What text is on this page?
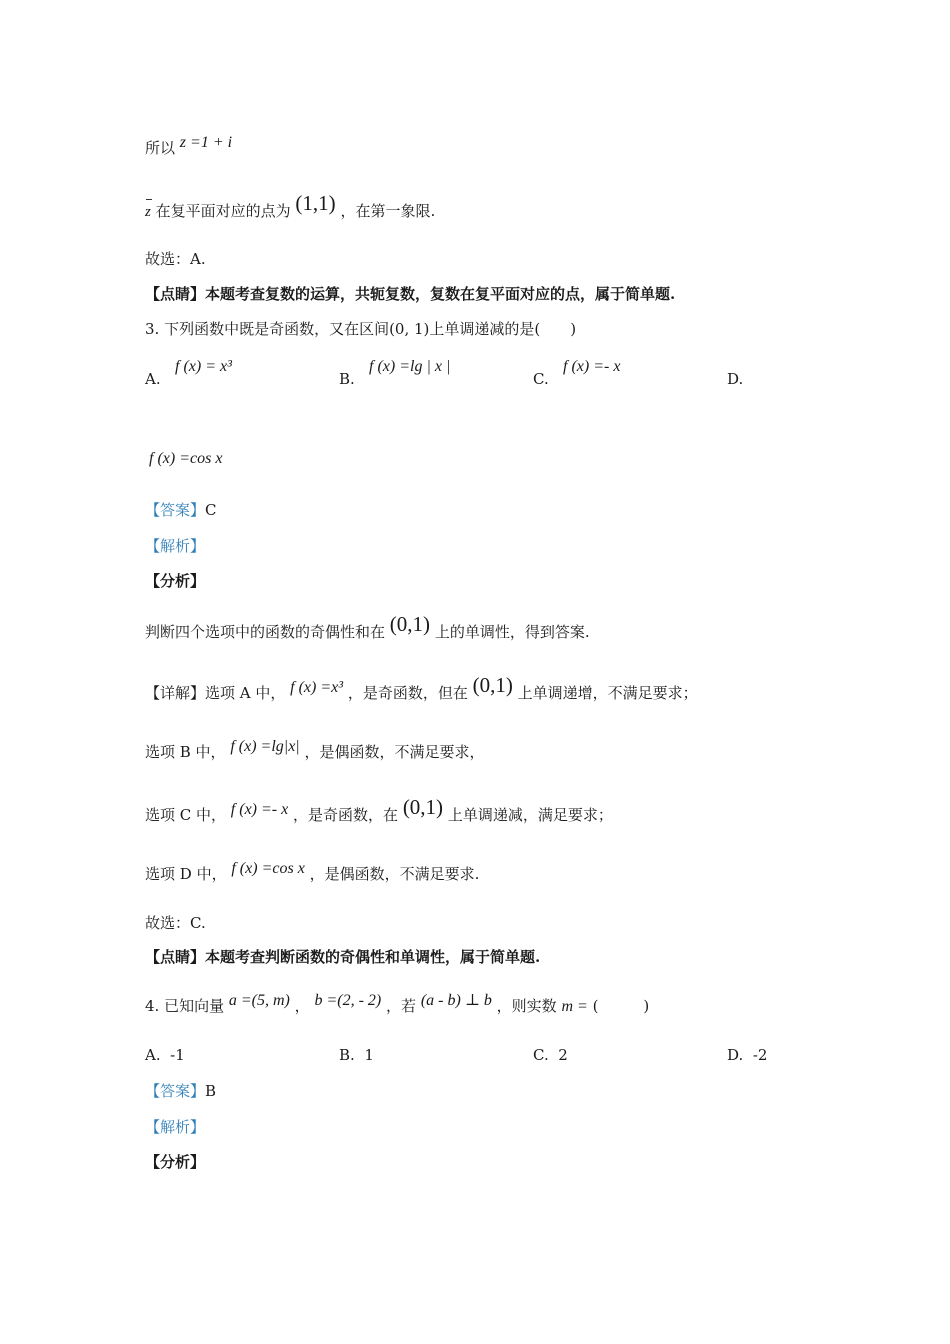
所以 z =1 + i
z 在复平面对应的点为 (1,1) ，在第一象限.
故选：A.
【点睛】本题考查复数的运算，共轭复数，复数在复平面对应的点，属于简单题.
3. 下列函数中既是奇函数，又在区间(0, 1)上单调递减的是(　　)
A.
f (x) = x³
B.
f (x) =lg | x |
C.
f (x) =- x
D.
f (x) =cos x
【答案】C
【解析】
【分析】
判断四个选项中的函数的奇偶性和在 (0,1) 上的单调性，得到答案.
【详解】选项 A 中， f (x) =x³ ，是奇函数，但在 (0,1) 上单调递增，不满足要求；
选项 B 中， f (x) =lg|x| ，是偶函数，不满足要求，
选项 C 中， f (x) =- x ，是奇函数，在 (0,1) 上单调递减，满足要求；
选项 D 中， f (x) =cos x ，是偶函数，不满足要求.
故选：C.
【点睛】本题考查判断函数的奇偶性和单调性，属于简单题.
4. 已知向量 a =(5, m) ， b =(2, - 2) ，若 (a - b) ⊥ b ，则实数 m = (　　　)
A. -1	B. 1	C. 2	D. -2
【答案】B
【解析】
【分析】
